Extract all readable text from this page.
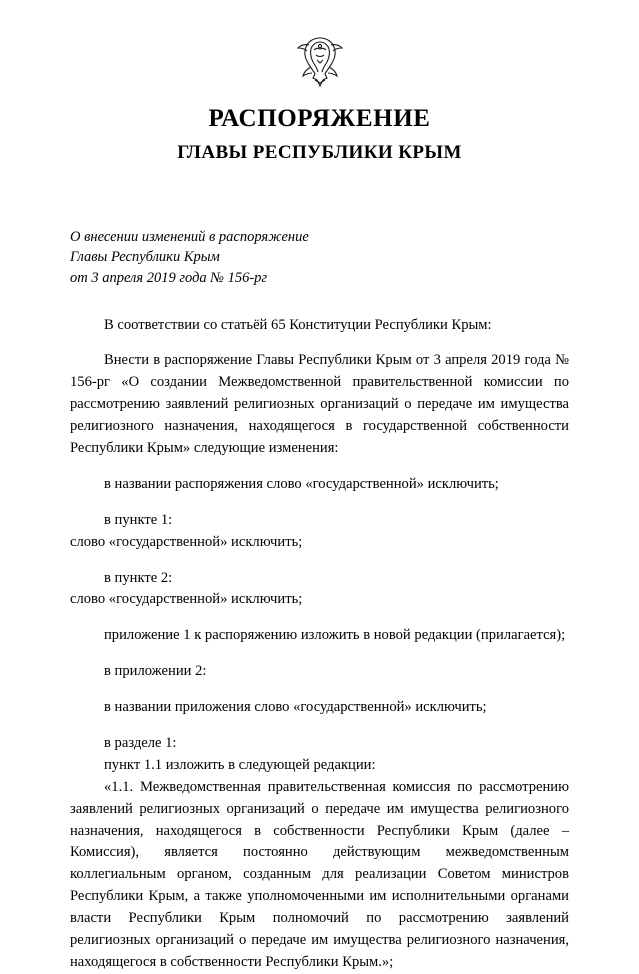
РАСПОРЯЖЕНИЕ
ГЛАВЫ РЕСПУБЛИКИ КРЫМ
О внесении изменений в распоряжение
Главы Республики Крым
от 3 апреля 2019 года № 156-рг

В соответствии со статьёй 65 Конституции Республики Крым:

Внести в распоряжение Главы Республики Крым от 3 апреля 2019 года № 156-рг «О создании Межведомственной правительственной комиссии по рассмотрению заявлений религиозных организаций о передаче им имущества религиозного назначения, находящегося в государственной собственности Республики Крым» следующие изменения:

в названии распоряжения слово «государственной» исключить;

в пункте 1:

слово «государственной» исключить;

в пункте 2:

слово «государственной» исключить;

приложение 1 к распоряжению изложить в новой редакции (прилагается);

в приложении 2:

в названии приложения слово «государственной» исключить;

в разделе 1:

пункт 1.1 изложить в следующей редакции:

«1.1. Межведомственная правительственная комиссия по рассмотрению заявлений религиозных организаций о передаче им имущества религиозного назначения, находящегося в собственности Республики Крым (далее – Комиссия), является постоянно действующим межведомственным коллегиальным органом, созданным для реализации Советом министров Республики Крым, а также уполномоченными им исполнительными органами власти Республики Крым полномочий по рассмотрению заявлений религиозных организаций о передаче им имущества религиозного назначения, находящегося в собственности Республики Крым.»;
